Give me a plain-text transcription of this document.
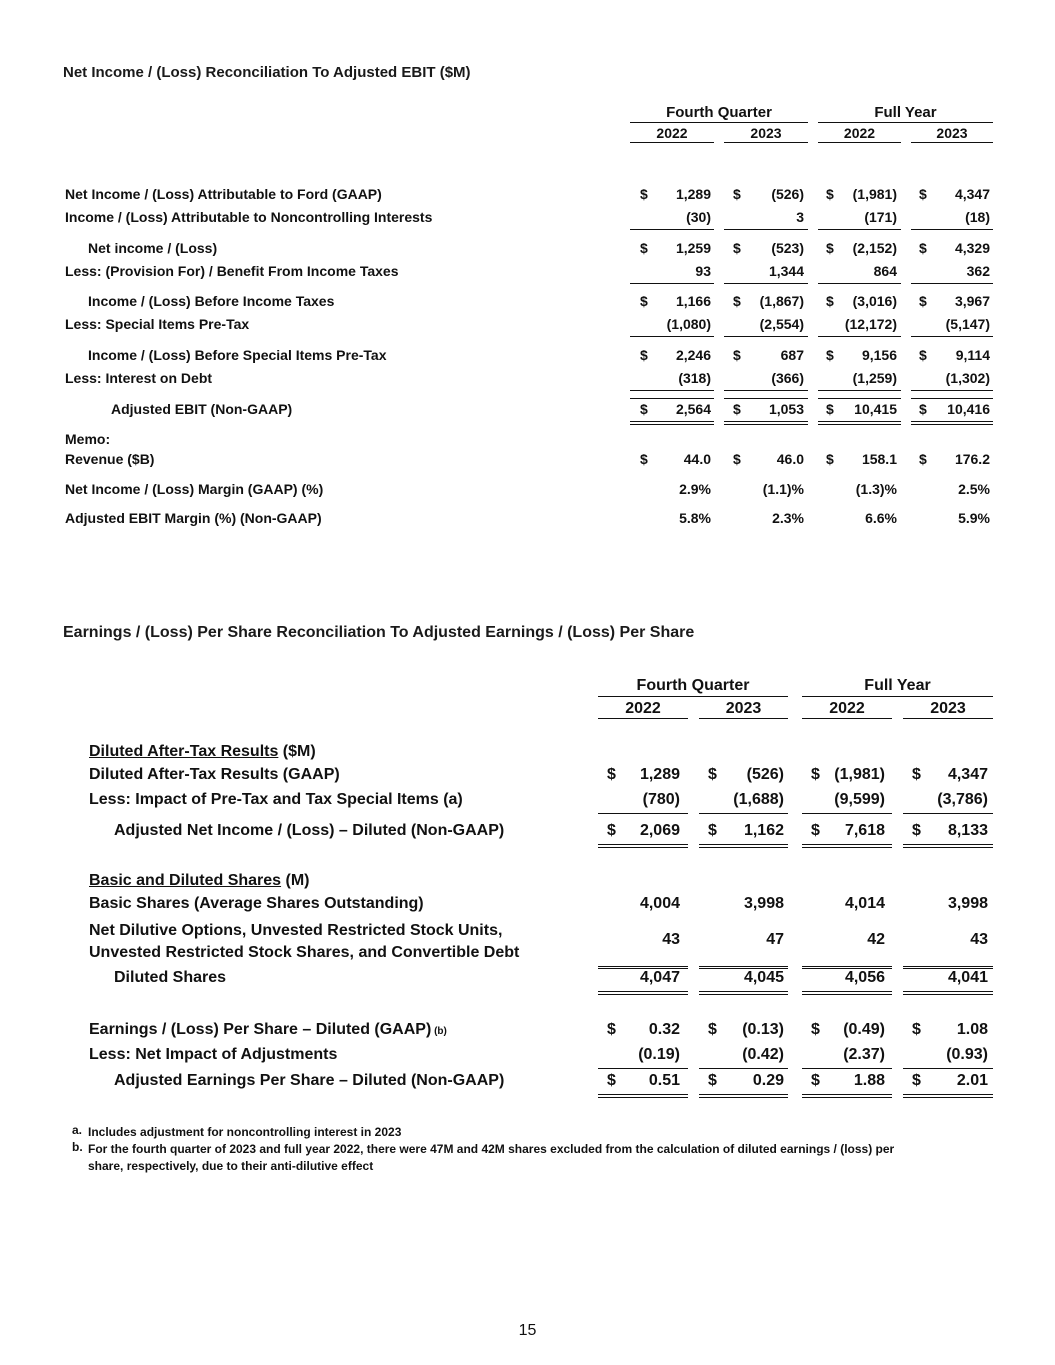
Net Income / (Loss) Reconciliation To Adjusted EBIT ($M)
Fourth Quarter	Full Year
2022	2023	2022	2023
Net Income / (Loss) Attributable to Ford (GAAP)	$ 1,289 $ (526) $ (1,981) $ 4,347
Income / (Loss) Attributable to Noncontrolling Interests	(30)	3	(171)	(18)
Net income / (Loss)	$ 1,259 $ (523) $ (2,152) $ 4,329
Less: (Provision For) / Benefit From Income Taxes	93	1,344	864	362
Income / (Loss) Before Income Taxes	$ 1,166 $ (1,867) $ (3,016) $ 3,967
Less: Special Items Pre-Tax	(1,080)	(2,554)	(12,172)	(5,147)
Income / (Loss) Before Special Items Pre-Tax	$ 2,246 $	687 $ 9,156 $ 9,114
Less: Interest on Debt	(318)	(366)	(1,259)	(1,302)
Adjusted EBIT (Non-GAAP)	$ 2,564 $ 1,053 $ 10,415 $ 10,416
Memo:
Revenue ($B)	$	44.0 $	46.0 $ 158.1 $ 176.2
Net Income / (Loss) Margin (GAAP) (%)	2.9%	(1.1)%	(1.3)%	2.5%
Adjusted EBIT Margin (%) (Non-GAAP)	5.8%	2.3%	6.6%	5.9%
Earnings / (Loss) Per Share Reconciliation To Adjusted Earnings / (Loss) Per Share
Fourth Quarter	Full Year
2022	2023	2022	2023
Diluted After-Tax Results ($M)
Diluted After-Tax Results (GAAP)	$ 1,289 $ (526) $ (1,981) $ 4,347
Less: Impact of Pre-Tax and Tax Special Items (a)	(780)	(1,688)	(9,599)	(3,786)
Adjusted Net Income / (Loss) – Diluted (Non-GAAP)	$ 2,069 $ 1,162 $ 7,618 $ 8,133
Basic and Diluted Shares (M)
Basic Shares (Average Shares Outstanding)	4,004	3,998	4,014	3,998
Net Dilutive Options, Unvested Restricted Stock Units,
Unvested Restricted Stock Shares, and Convertible Debt
43	47	42	43
Diluted Shares	4,047	4,045	4,056	4,041
Earnings / (Loss) Per Share – Diluted (GAAP) (b)	$ 0.32 $ (0.13) $ (0.49) $ 1.08
Less: Net Impact of Adjustments	(0.19)	(0.42)	(2.37)	(0.93)
Adjusted Earnings Per Share – Diluted (Non-GAAP)	$ 0.51 $ 0.29 $ 1.88 $ 2.01
a. Includes adjustment for noncontrolling interest in 2023
b. For the fourth quarter of 2023 and full year 2022, there were 47M and 42M shares excluded from the calculation of diluted earnings / (loss) per share, respectively, due to their anti-dilutive effect
15
